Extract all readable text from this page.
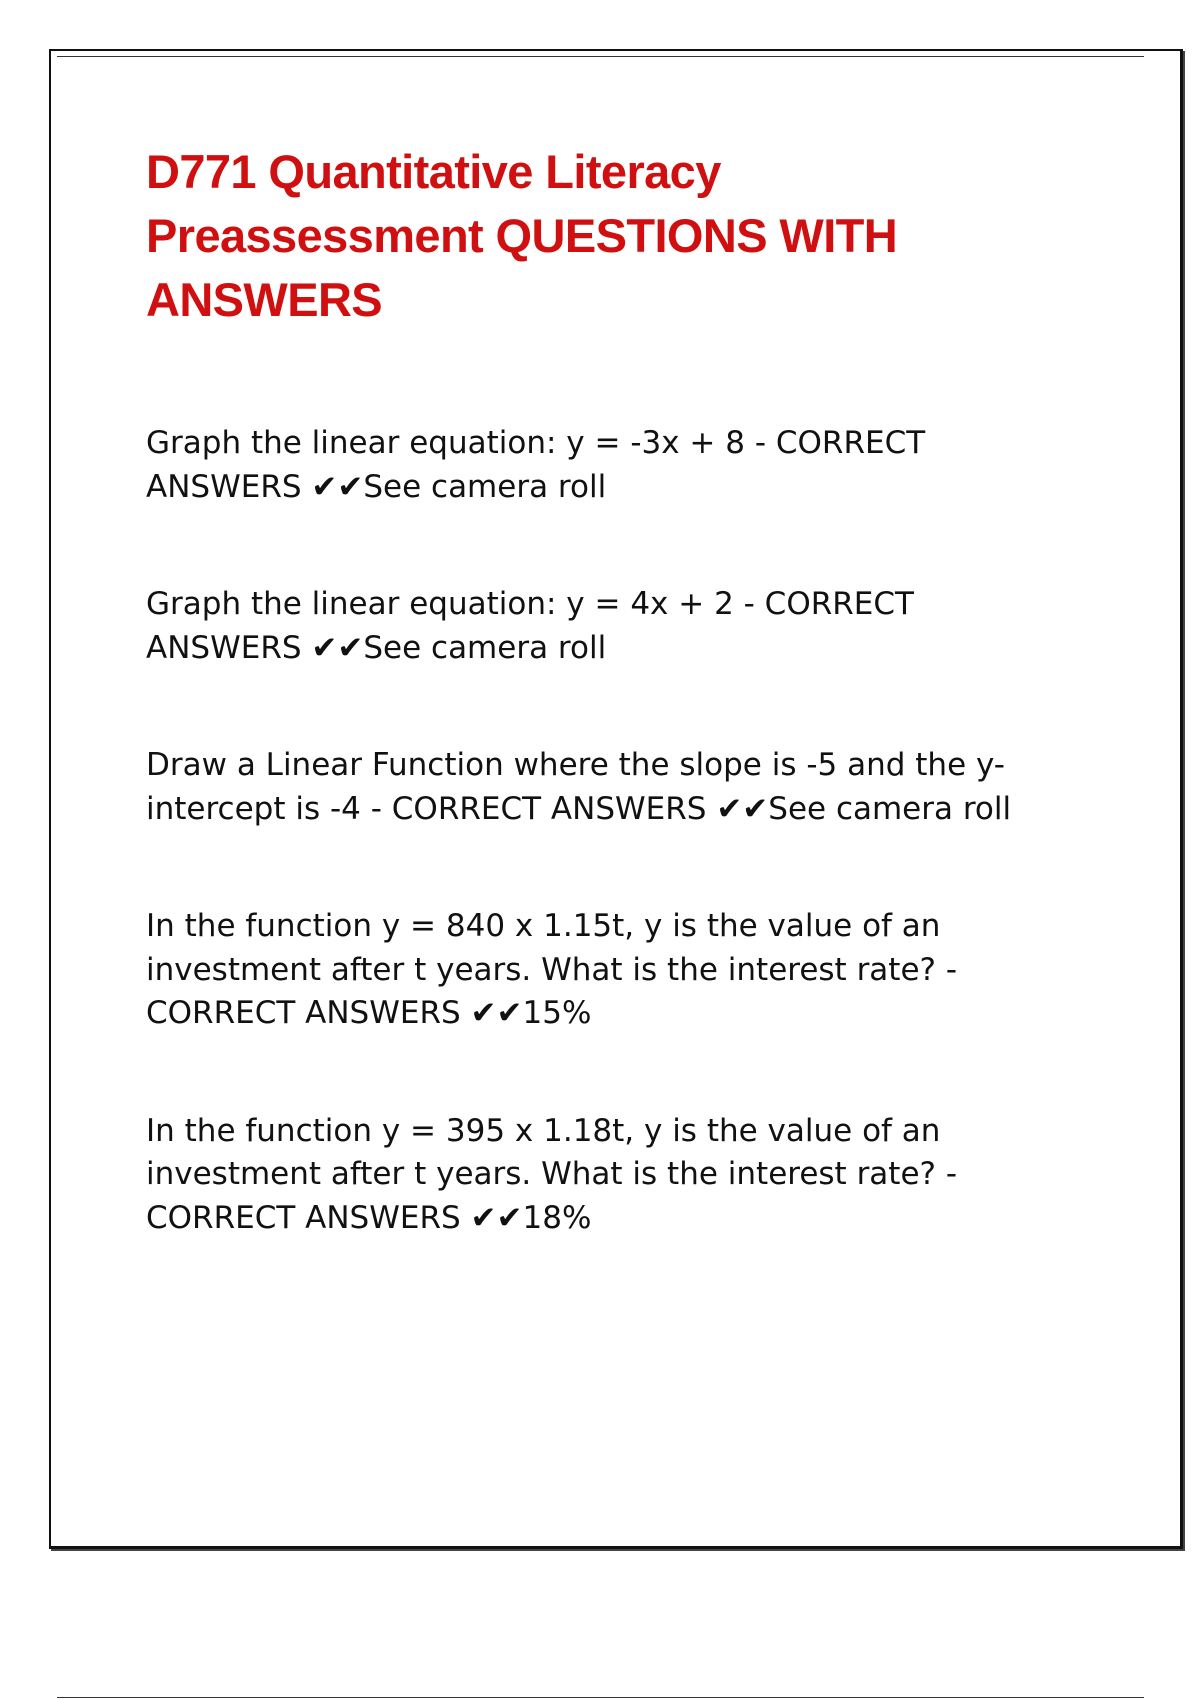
D771 Quantitative Literacy Preassessment QUESTIONS WITH ANSWERS

Graph the linear equation: y = -3x + 8 - CORRECT ANSWERS ✔✔See camera roll

Graph the linear equation: y = 4x + 2 - CORRECT ANSWERS ✔✔See camera roll

Draw a Linear Function where the slope is -5 and the y-intercept is -4 - CORRECT ANSWERS ✔✔See camera roll

In the function y = 840 x 1.15t, y is the value of an investment after t years. What is the interest rate? - CORRECT ANSWERS ✔✔15%

In the function y = 395 x 1.18t, y is the value of an investment after t years. What is the interest rate? - CORRECT ANSWERS ✔✔18%
